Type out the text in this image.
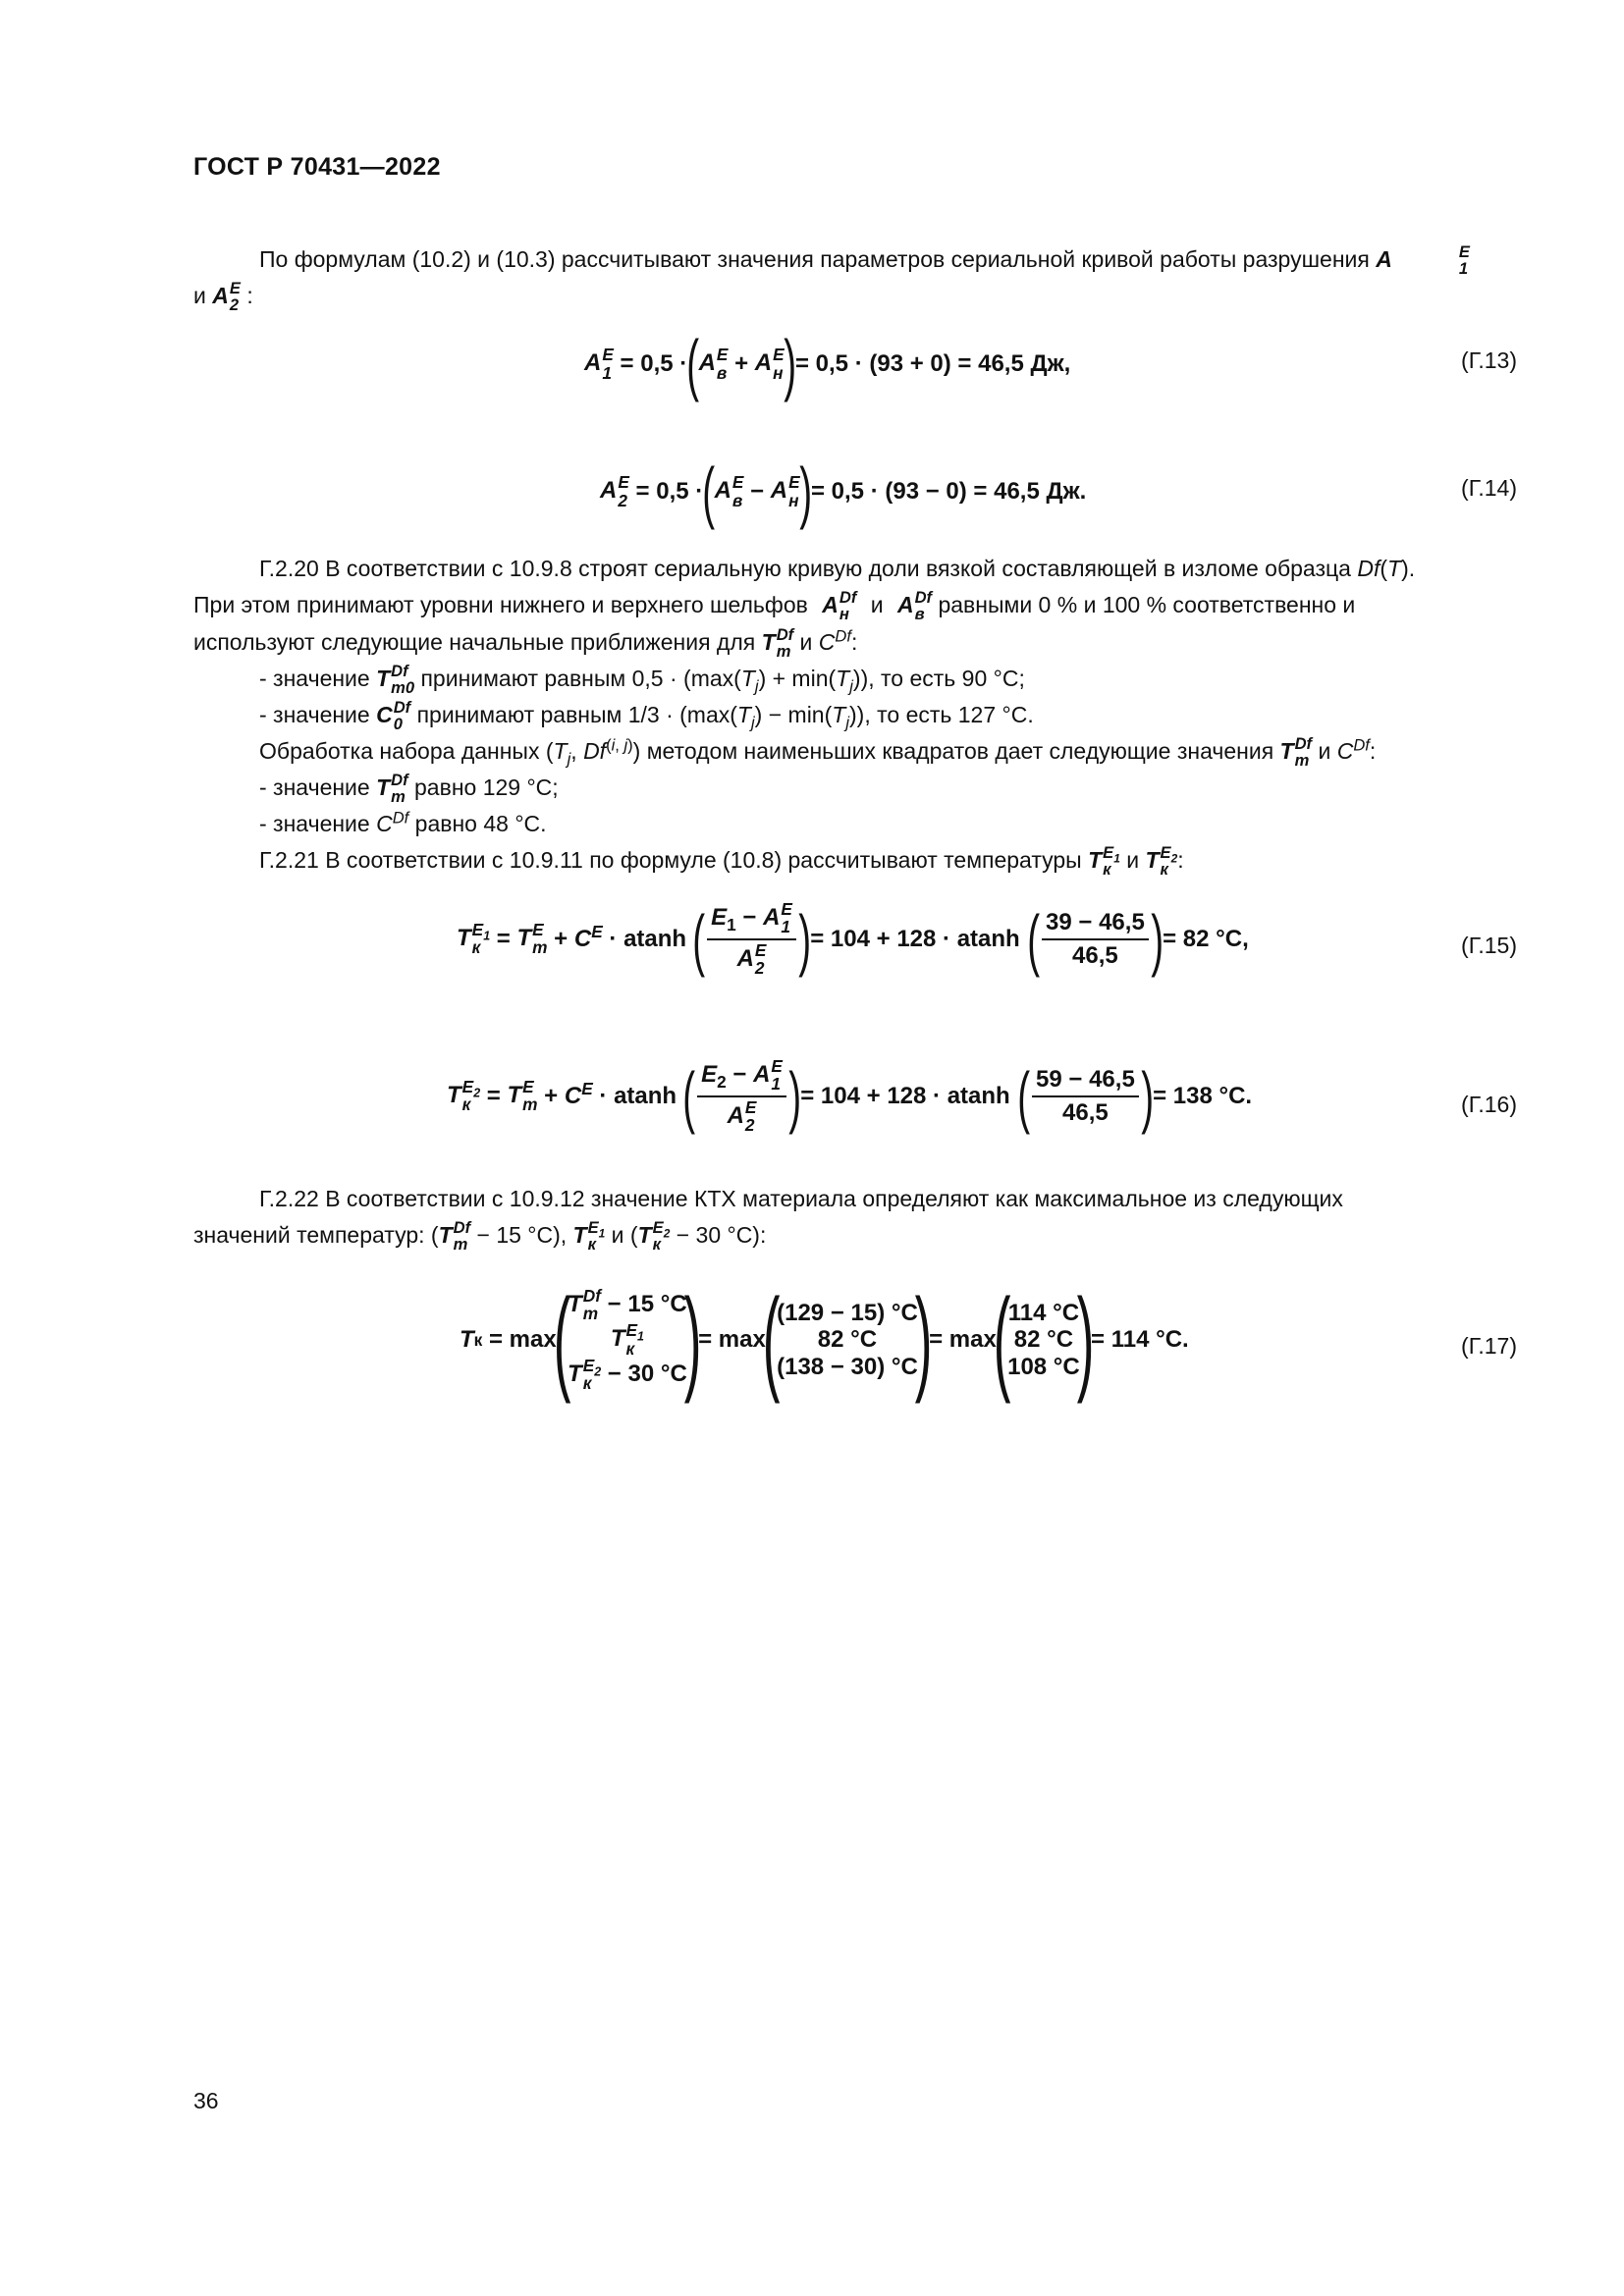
ГОСТ Р 70431—2022
По формулам (10.2) и (10.3) рассчитывают значения параметров сериальной кривой работы разрушения A	E
1
и A E
2 :
A E
1 = 0,5 · ( A E
в + A E
н ) = 0,5 · (93 + 0) = 46,5 Дж,	(Г.13)
A E
2 = 0,5 · ( A E
в − A E
н ) = 0,5 · (93 − 0) = 46,5 Дж.	(Г.14)
Г.2.20 В соответствии с 10.9.8 строят сериальную кривую доли вязкой составляющей в изломе образца Df(T).
При этом принимают уровни нижнего и верхнего шельфов A Df
н и A Df
в равными 0 % и 100 % соответственно и
используют следующие начальные приближения для T Df
m и $C^{Df}$:
- значение T Df
m0 принимают равным $0,5 \cdot (\max(T_j) + \min(T_j))$, то есть 90 °C;
- значение C Df
0 принимают равным $1/3 \cdot (\max(T_j) - \min(T_j))$, то есть 127 °C.
Обработка набора данных ($T_j$, Df$^{(i, j)}$) методом наименьших квадратов дает следующие значения T Df
m и $C^{Df}$:
- значение T Df
m равно 129 °C;
- значение $C^{Df}$ равно 48 °C.
Г.2.21 В соответствии с 10.9.11 по формуле (10.8) рассчитывают температуры T $E_1$
к и T $E_2$
к :
T $E_1$
к = T E
$m + C^E \cdot atanh$ ( $E_1 - A$ E
1
A E
2 ) = 104 + 128 · atanh ( $\frac{39 - 46,5}{46,5}$ ) = 82 °C,	(Г.15)
T $E_2$
к = T E
$m + C^E \cdot atanh$ ( $E_2 - A$ E
1
A E
2 ) = 104 + 128 · atanh ( $\frac{59 - 46,5}{46,5}$ ) = 138 °C.	(Г.16)
Г.2.22 В соответствии с 10.9.12 значение КТХ материала определяют как максимальное из следующих
значений температур: (T Df
m − 15 °C), T $E_1$
к и (T $E_2$
к − 30 °C):
T к = max
(
T Df
m − 15 °C
T $E_1$
к
T $E_2$
к − 30 °C
)
= max
(
(129 − 15) °C
82 °C
(138 − 30) °C
)
= max
(
114 °C
82 °C
108 °C
)
= 114 °C.	(Г.17)
36
